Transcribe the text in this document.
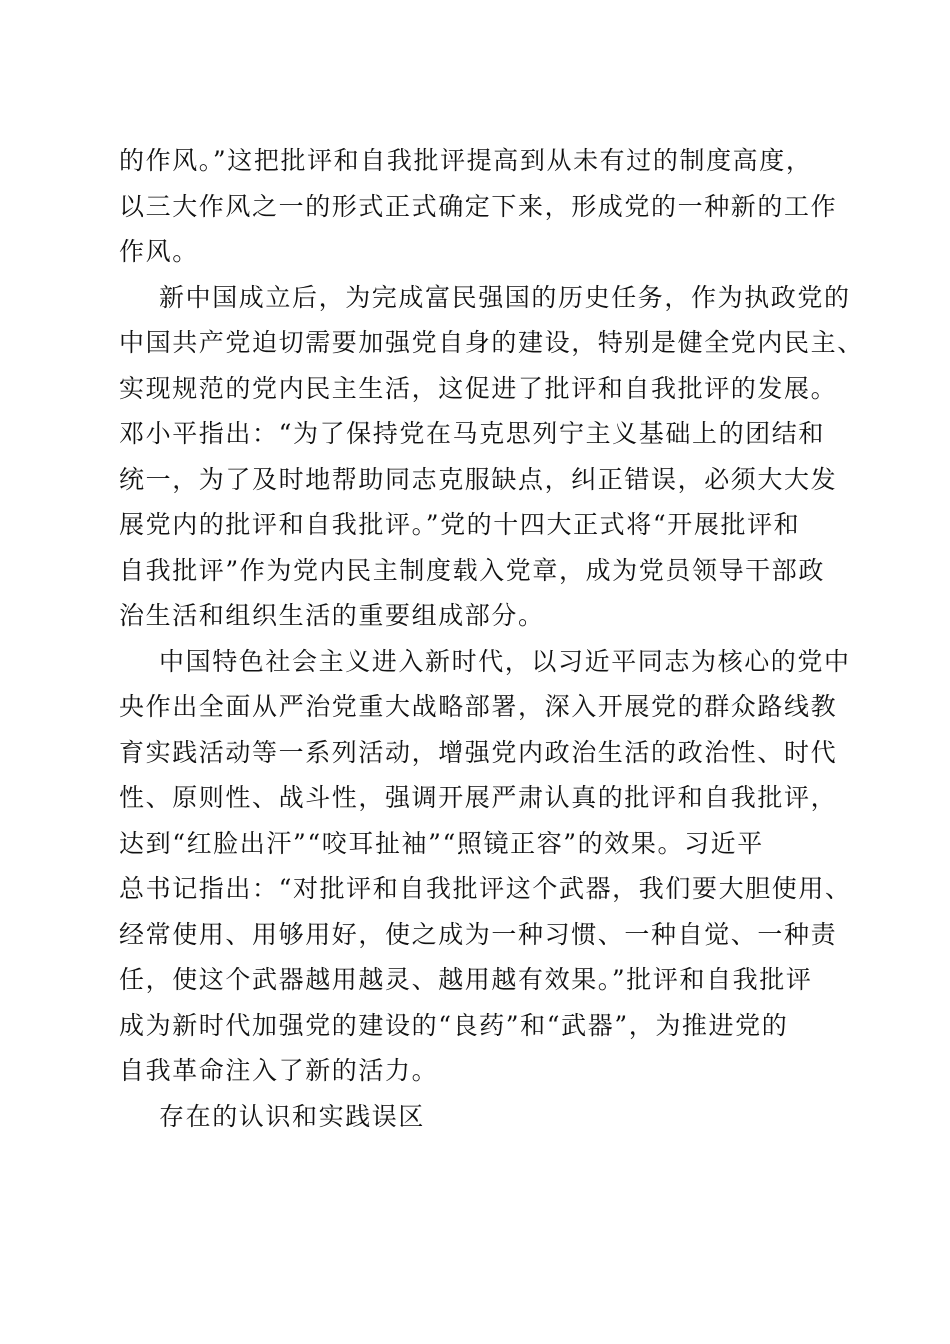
的作风。”这把批评和自我批评提高到从未有过的制度高度，
以三大作风之一的形式正式确定下来，形成党的一种新的工作
作风。
新中国成立后，为完成富民强国的历史任务，作为执政党的
中国共产党迫切需要加强党自身的建设，特别是健全党内民主、
实现规范的党内民主生活，这促进了批评和自我批评的发展。
邓小平指出：“为了保持党在马克思列宁主义基础上的团结和
统一，为了及时地帮助同志克服缺点，纠正错误，必须大大发
展党内的批评和自我批评。”党的十四大正式将“开展批评和
自我批评”作为党内民主制度载入党章，成为党员领导干部政
治生活和组织生活的重要组成部分。
中国特色社会主义进入新时代，以习近平同志为核心的党中
央作出全面从严治党重大战略部署，深入开展党的群众路线教
育实践活动等一系列活动，增强党内政治生活的政治性、时代
性、原则性、战斗性，强调开展严肃认真的批评和自我批评，
达到“红脸出汗”“咬耳扯袖”“照镜正容”的效果。习近平
总书记指出：“对批评和自我批评这个武器，我们要大胆使用、
经常使用、用够用好，使之成为一种习惯、一种自觉、一种责
任，使这个武器越用越灵、越用越有效果。”批评和自我批评
成为新时代加强党的建设的“良药”和“武器”，为推进党的
自我革命注入了新的活力。
存在的认识和实践误区
